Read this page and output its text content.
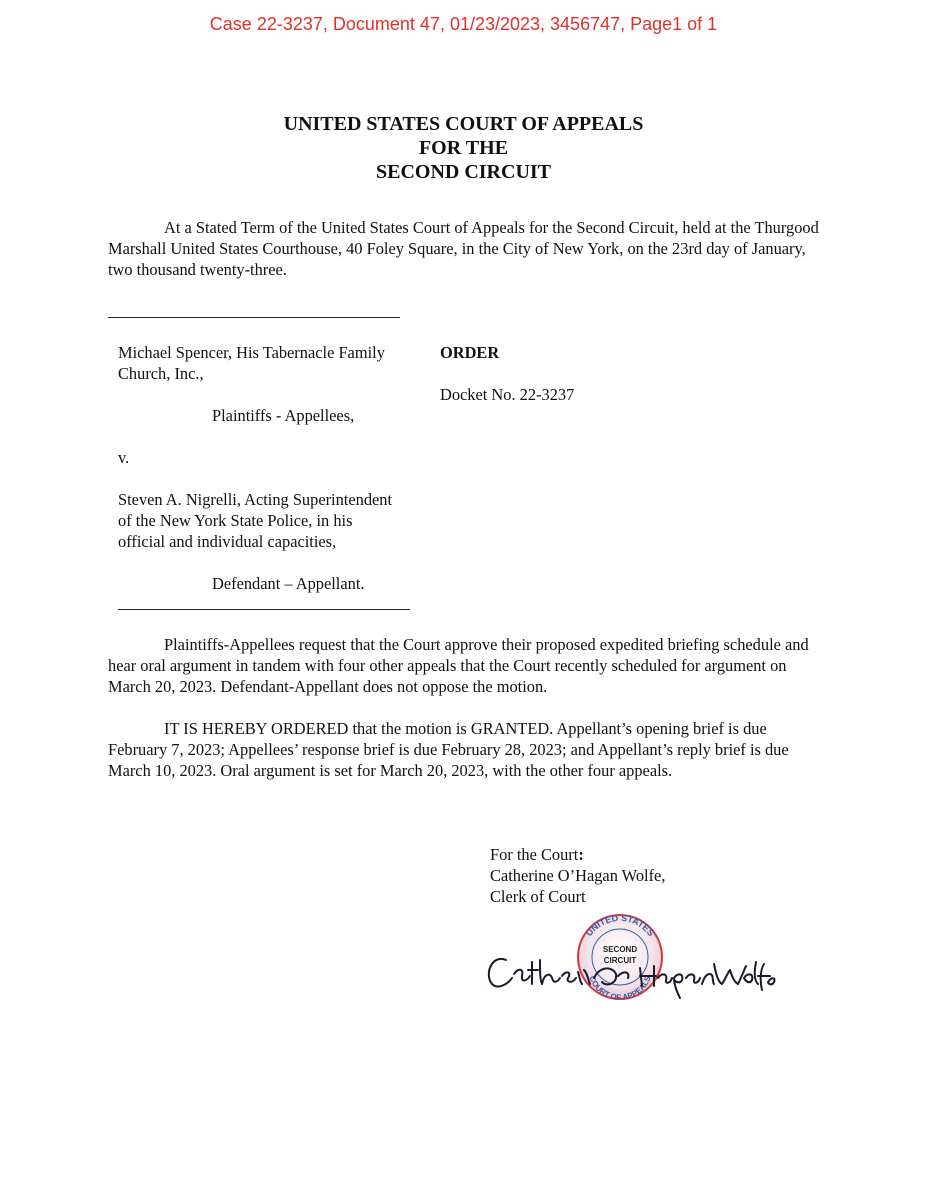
Case 22-3237, Document 47, 01/23/2023, 3456747, Page1 of 1
UNITED STATES COURT OF APPEALS
FOR THE
SECOND CIRCUIT
At a Stated Term of the United States Court of Appeals for the Second Circuit, held at the Thurgood Marshall United States Courthouse, 40 Foley Square, in the City of New York, on the 23rd day of January, two thousand twenty-three.
Michael Spencer, His Tabernacle Family
Church, Inc.,
Plaintiffs - Appellees,
v.
Steven A. Nigrelli, Acting Superintendent
of the New York State Police, in his
official and individual capacities,
Defendant – Appellant.
ORDER
Docket No. 22-3237
Plaintiffs-Appellees request that the Court approve their proposed expedited briefing schedule and hear oral argument in tandem with four other appeals that the Court recently scheduled for argument on March 20, 2023. Defendant-Appellant does not oppose the motion.
IT IS HEREBY ORDERED that the motion is GRANTED. Appellant’s opening brief is due February 7, 2023; Appellees’ response brief is due February 28, 2023; and Appellant’s reply brief is due March 10, 2023. Oral argument is set for March 20, 2023, with the other four appeals.
For the Court:
Catherine O’Hagan Wolfe,
Clerk of Court
UNITED STATES
SECOND
CIRCUIT
COURT OF APPEALS
